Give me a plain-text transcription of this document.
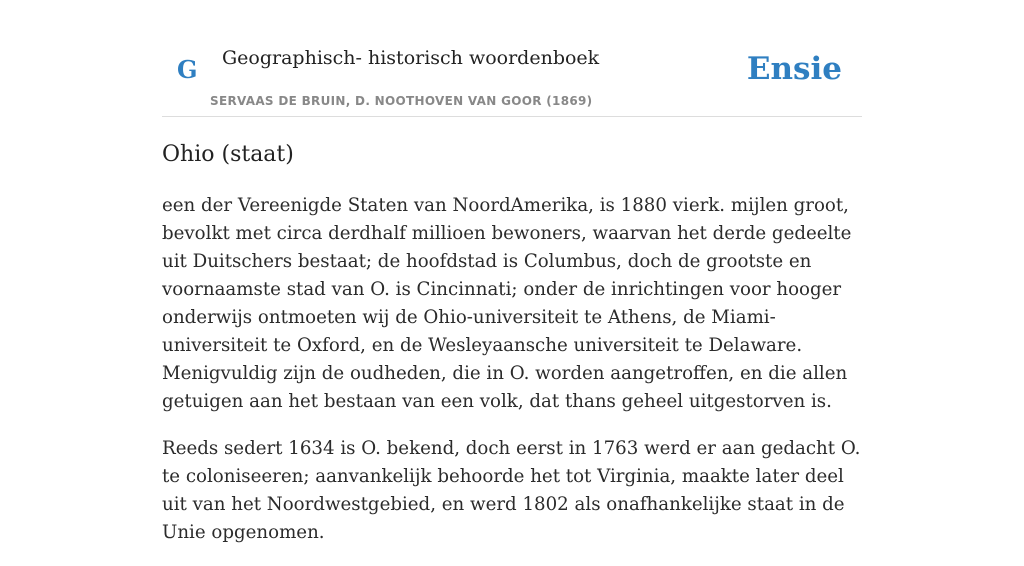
G Geographisch- historisch woordenboek
SERVAAS DE BRUIN, D. NOOTHOVEN VAN GOOR (1869)
Ensie
Ohio (staat)

een der Vereenigde Staten van NoordAmerika, is 1880 vierk. mijlen groot, bevolkt met circa derdhalf millioen bewoners, waarvan het derde gedeelte uit Duitschers bestaat; de hoofdstad is Columbus, doch de grootste en voornaamste stad van O. is Cincinnati; onder de inrichtingen voor hooger onderwijs ontmoeten wij de Ohio-universiteit te Athens, de Miami-universiteit te Oxford, en de Wesleyaansche universiteit te Delaware. Menigvuldig zijn de oudheden, die in O. worden aangetroffen, en die allen getuigen aan het bestaan van een volk, dat thans geheel uitgestorven is.

Reeds sedert 1634 is O. bekend, doch eerst in 1763 werd er aan gedacht O. te coloniseeren; aanvankelijk behoorde het tot Virginia, maakte later deel uit van het Noordwestgebied, en werd 1802 als onafhankelijke staat in de Unie opgenomen.
